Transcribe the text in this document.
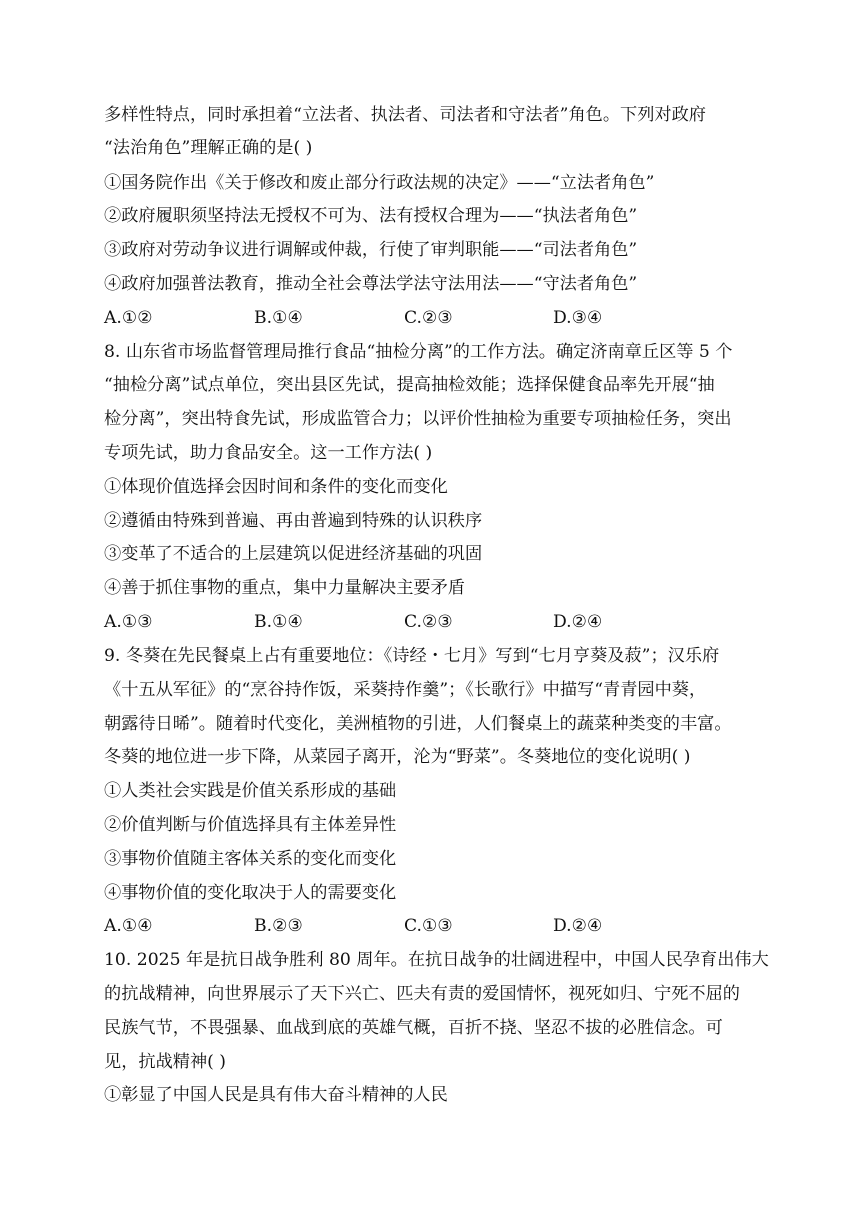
多样性特点，同时承担着“立法者、执法者、司法者和守法者”角色。下列对政府
“法治角色”理解正确的是( )
①国务院作出《关于修改和废止部分行政法规的决定》——“立法者角色”
②政府履职须坚持法无授权不可为、法有授权合理为——“执法者角色”
③政府对劳动争议进行调解或仲裁，行使了审判职能——“司法者角色”
④政府加强普法教育，推动全社会尊法学法守法用法——“守法者角色”
A.①②	B.①④	C.②③	D.③④
8. 山东省市场监督管理局推行食品“抽检分离”的工作方法。确定济南章丘区等 5 个
“抽检分离”试点单位，突出县区先试，提高抽检效能；选择保健食品率先开展“抽
检分离”，突出特食先试，形成监管合力；以评价性抽检为重要专项抽检任务，突出
专项先试，助力食品安全。这一工作方法( )
①体现价值选择会因时间和条件的变化而变化
②遵循由特殊到普遍、再由普遍到特殊的认识秩序
③变革了不适合的上层建筑以促进经济基础的巩固
④善于抓住事物的重点，集中力量解决主要矛盾
A.①③	B.①④	C.②③	D.②④
9. 冬葵在先民餐桌上占有重要地位：《诗经・七月》写到“七月亨葵及菽”；汉乐府
《十五从军征》的“烹谷持作饭，采葵持作羹”；《长歌行》中描写“青青园中葵，
朝露待日晞”。随着时代变化，美洲植物的引进，人们餐桌上的蔬菜种类变的丰富。
冬葵的地位进一步下降，从菜园子离开，沦为“野菜”。冬葵地位的变化说明( )
①人类社会实践是价值关系形成的基础
②价值判断与价值选择具有主体差异性
③事物价值随主客体关系的变化而变化
④事物价值的变化取决于人的需要变化
A.①④	B.②③	C.①③	D.②④
10. 2025 年是抗日战争胜利 80 周年。在抗日战争的壮阔进程中，中国人民孕育出伟大
的抗战精神，向世界展示了天下兴亡、匹夫有责的爱国情怀，视死如归、宁死不屈的
民族气节，不畏强暴、血战到底的英雄气概，百折不挠、坚忍不拔的必胜信念。可
见，抗战精神( )
①彰显了中国人民是具有伟大奋斗精神的人民
